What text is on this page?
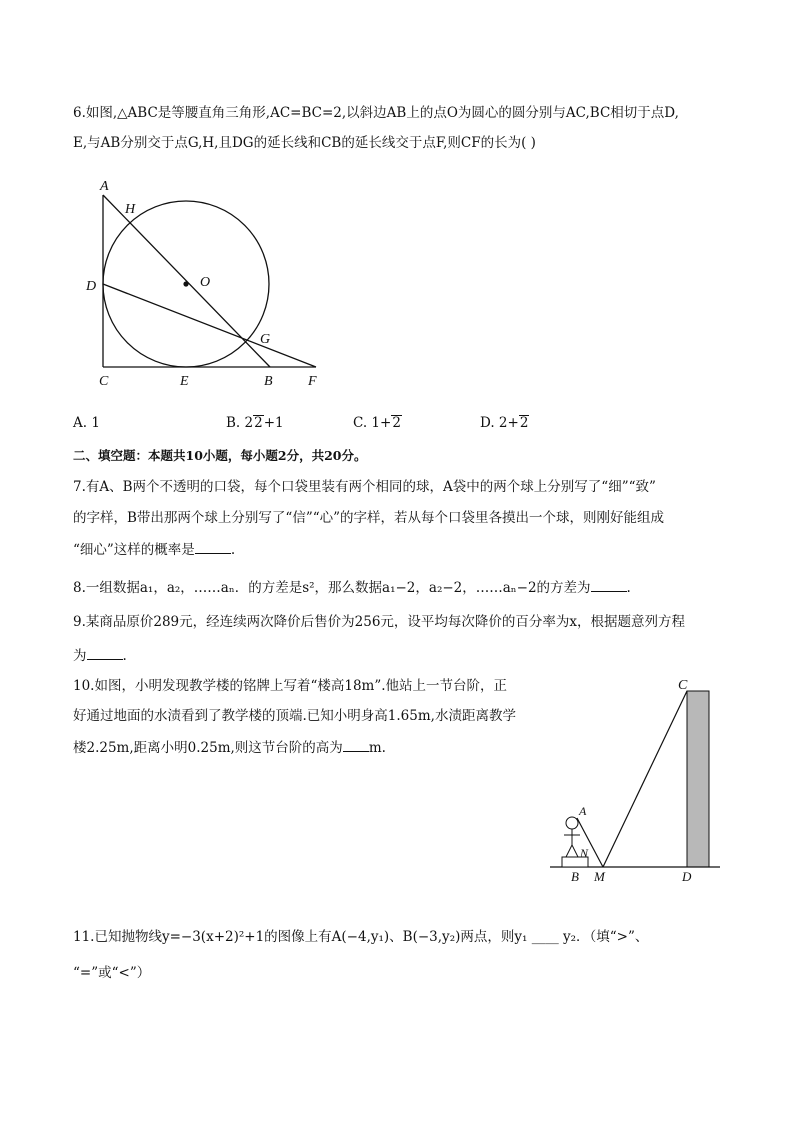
6.如图,△ABC是等腰直角三角形,AC=BC=2,以斜边AB上的点O为圆心的圆分别与AC,BC相切于点D,
E,与AB分别交于点G,H,且DG的延长线和CB的延长线交于点F,则CF的长为( )
A
H
O
D
G
C	E	B	F
A. 1	B. 22+1	C. 1+2	D. 2+2
二、填空题：本题共10小题，每小题2分，共20分。
7.有A、B两个不透明的口袋，每个口袋里装有两个相同的球，A袋中的两个球上分别写了“细”“致”
的字样，B带出那两个球上分别写了“信”“心”的字样，若从每个口袋里各摸出一个球，则刚好能组成
“细心”这样的概率是	.
8.一组数据a₁，a₂，……aₙ．的方差是s²，那么数据a₁−2，a₂−2，……aₙ−2的方差为	.
9.某商品原价289元，经连续两次降价后售价为256元，设平均每次降价的百分率为x，根据题意列方程
为	.
10.如图，小明发现教学楼的铭牌上写着“楼高18m”.他站上一节台阶，正
好通过地面的水渍看到了教学楼的顶端.已知小明身高1.65m,水渍距离教学
楼2.25m,距离小明0.25m,则这节台阶的高为 m.
C
A
N
B M	D
11.已知抛物线y=−3(x+2)²+1的图像上有A(−4,y₁)、B(−3,y₂)两点，则y₁ ____ y₂．（填“>”、
“=”或“<”）
